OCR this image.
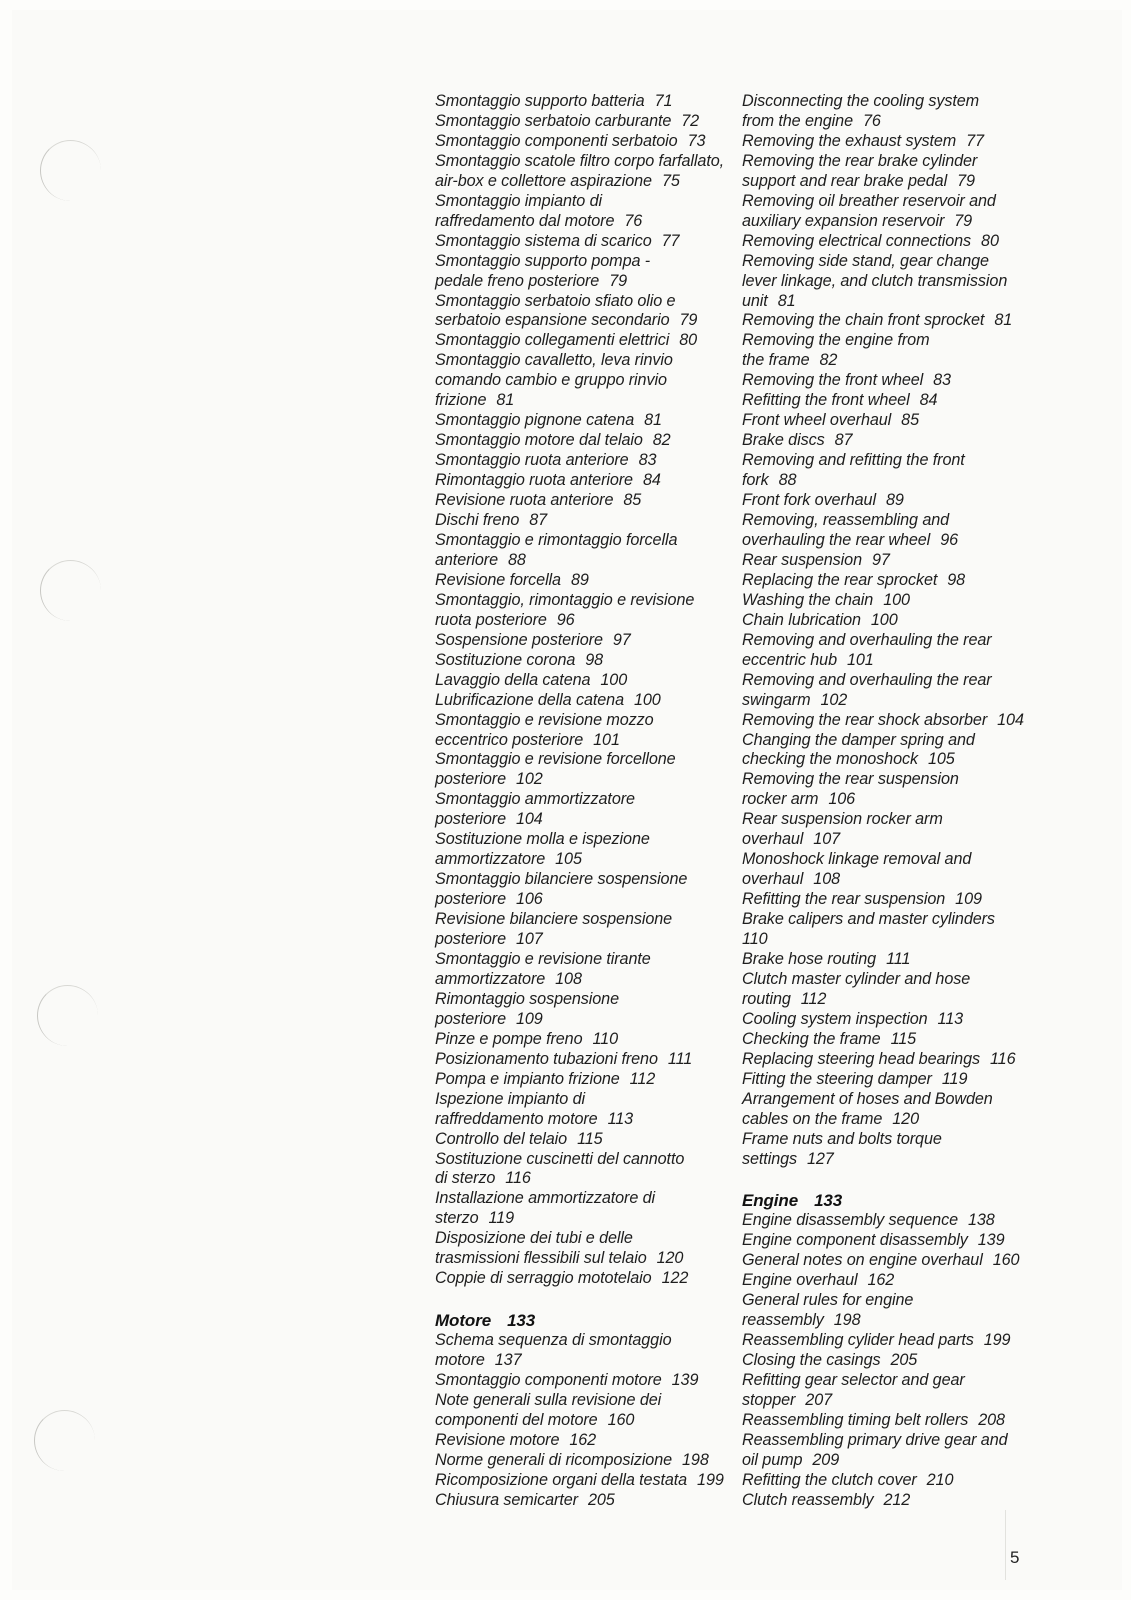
Smontaggio supporto batteria 71
Smontaggio serbatoio carburante 72
Smontaggio componenti serbatoio 73
Smontaggio scatole filtro corpo farfallato,
air-box e collettore aspirazione 75
Smontaggio impianto di
raffredamento dal motore 76
Smontaggio sistema di scarico 77
Smontaggio supporto pompa -
pedale freno posteriore 79
Smontaggio serbatoio sfiato olio e
serbatoio espansione secondario 79
Smontaggio collegamenti elettrici 80
Smontaggio cavalletto, leva rinvio
comando cambio e gruppo rinvio
frizione 81
Smontaggio pignone catena 81
Smontaggio motore dal telaio 82
Smontaggio ruota anteriore 83
Rimontaggio ruota anteriore 84
Revisione ruota anteriore 85
Dischi freno 87
Smontaggio e rimontaggio forcella
anteriore 88
Revisione forcella 89
Smontaggio, rimontaggio e revisione
ruota posteriore 96
Sospensione posteriore 97
Sostituzione corona 98
Lavaggio della catena 100
Lubrificazione della catena 100
Smontaggio e revisione mozzo
eccentrico posteriore 101
Smontaggio e revisione forcellone
posteriore 102
Smontaggio ammortizzatore
posteriore 104
Sostituzione molla e ispezione
ammortizzatore 105
Smontaggio bilanciere sospensione
posteriore 106
Revisione bilanciere sospensione
posteriore 107
Smontaggio e revisione tirante
ammortizzatore 108
Rimontaggio sospensione
posteriore 109
Pinze e pompe freno 110
Posizionamento tubazioni freno 111
Pompa e impianto frizione 112
Ispezione impianto di
raffreddamento motore 113
Controllo del telaio 115
Sostituzione cuscinetti del cannotto
di sterzo 116
Installazione ammortizzatore di
sterzo 119
Disposizione dei tubi e delle
trasmissioni flessibili sul telaio 120
Coppie di serraggio mototelaio 122
Motore 133
Schema sequenza di smontaggio
motore 137
Smontaggio componenti motore 139
Note generali sulla revisione dei
componenti del motore 160
Revisione motore 162
Norme generali di ricomposizione 198
Ricomposizione organi della testata 199
Chiusura semicarter 205
Disconnecting the cooling system
from the engine 76
Removing the exhaust system 77
Removing the rear brake cylinder
support and rear brake pedal 79
Removing oil breather reservoir and
auxiliary expansion reservoir 79
Removing electrical connections 80
Removing side stand, gear change
lever linkage, and clutch transmission
unit 81
Removing the chain front sprocket 81
Removing the engine from
the frame 82
Removing the front wheel 83
Refitting the front wheel 84
Front wheel overhaul 85
Brake discs 87
Removing and refitting the front
fork 88
Front fork overhaul 89
Removing, reassembling and
overhauling the rear wheel 96
Rear suspension 97
Replacing the rear sprocket 98
Washing the chain 100
Chain lubrication 100
Removing and overhauling the rear
eccentric hub 101
Removing and overhauling the rear
swingarm 102
Removing the rear shock absorber 104
Changing the damper spring and
checking the monoshock 105
Removing the rear suspension
rocker arm 106
Rear suspension rocker arm
overhaul 107
Monoshock linkage removal and
overhaul 108
Refitting the rear suspension 109
Brake calipers and master cylinders
110
Brake hose routing 111
Clutch master cylinder and hose
routing 112
Cooling system inspection 113
Checking the frame 115
Replacing steering head bearings 116
Fitting the steering damper 119
Arrangement of hoses and Bowden
cables on the frame 120
Frame nuts and bolts torque
settings 127
Engine 133
Engine disassembly sequence 138
Engine component disassembly 139
General notes on engine overhaul 160
Engine overhaul 162
General rules for engine
reassembly 198
Reassembling cylider head parts 199
Closing the casings 205
Refitting gear selector and gear
stopper 207
Reassembling timing belt rollers 208
Reassembling primary drive gear and
oil pump 209
Refitting the clutch cover 210
Clutch reassembly 212
5
